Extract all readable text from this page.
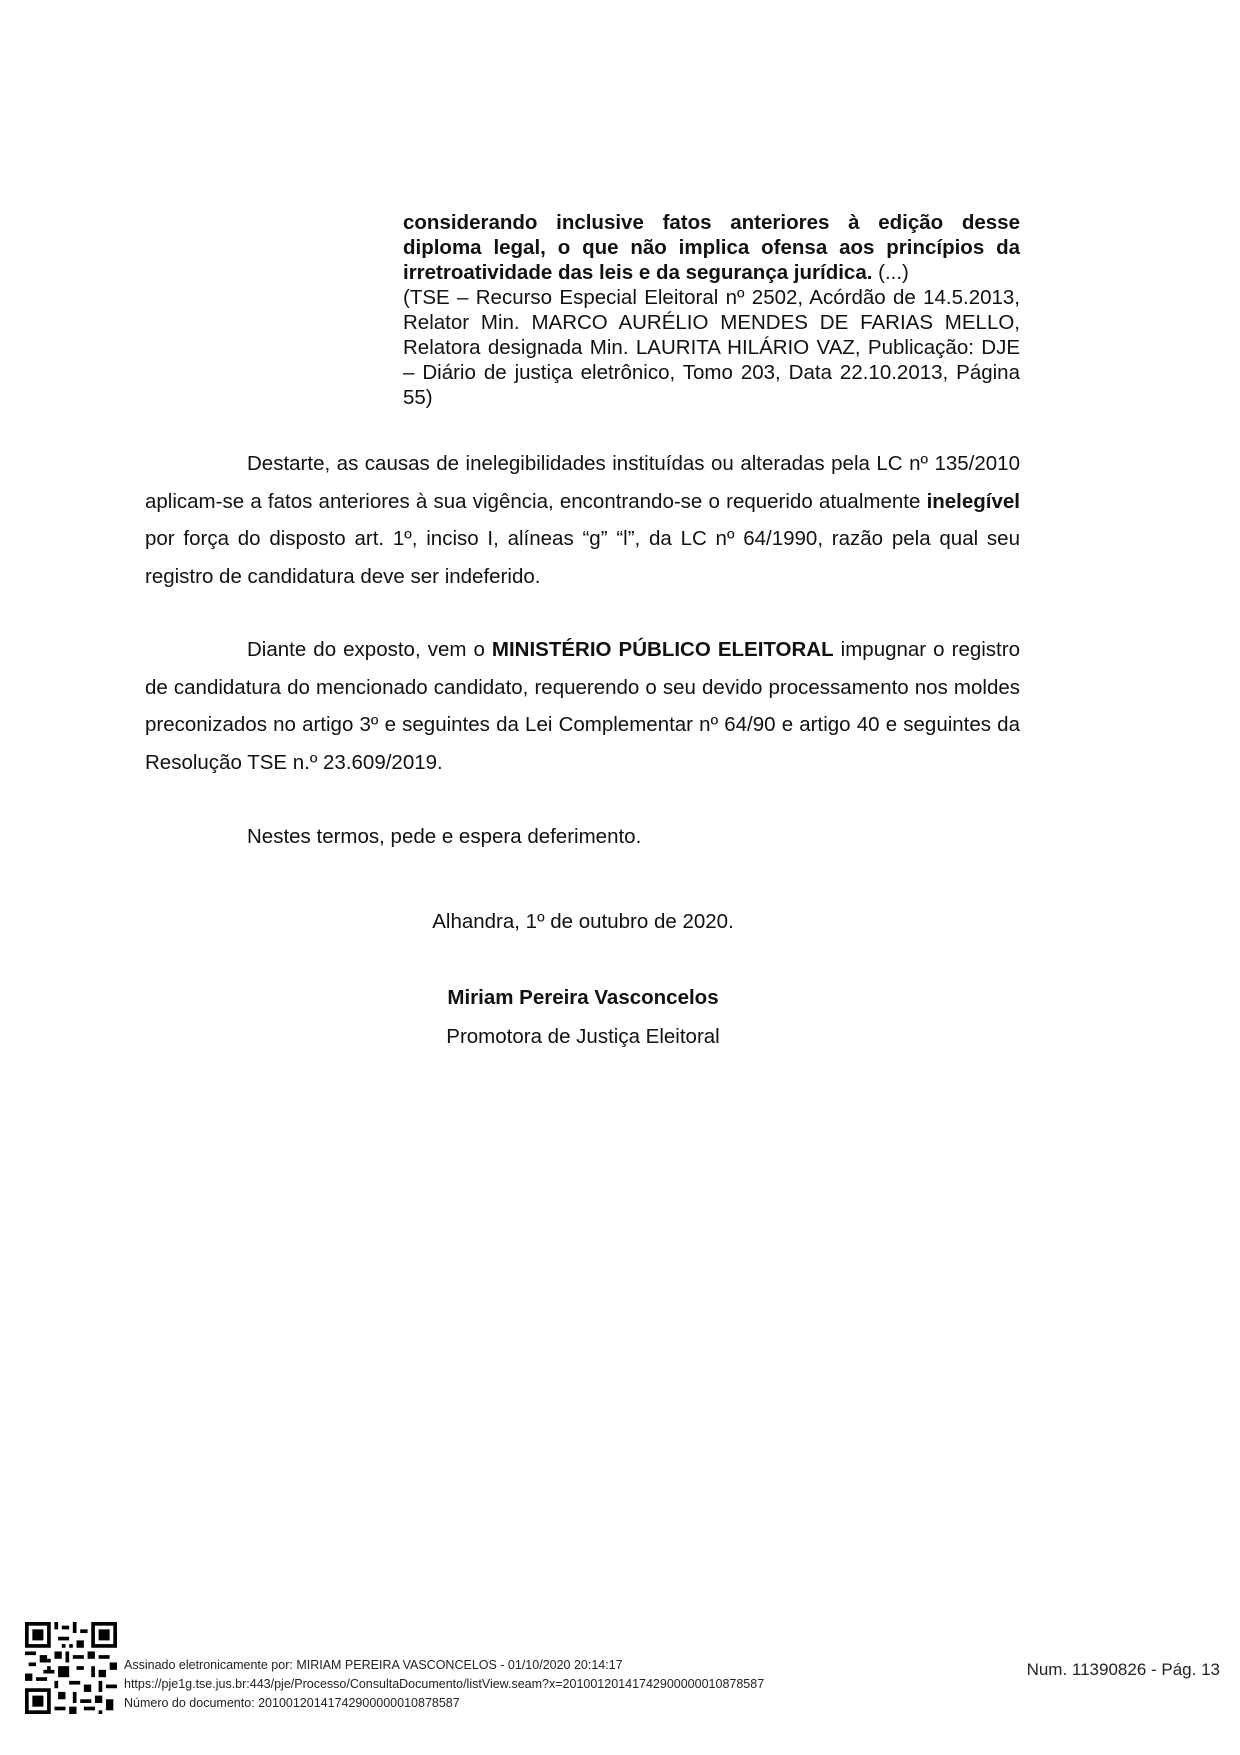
considerando inclusive fatos anteriores à edição desse diploma legal, o que não implica ofensa aos princípios da irretroatividade das leis e da segurança jurídica. (...)

(TSE – Recurso Especial Eleitoral nº 2502, Acórdão de 14.5.2013, Relator Min. MARCO AURÉLIO MENDES DE FARIAS MELLO, Relatora designada Min. LAURITA HILÁRIO VAZ, Publicação: DJE – Diário de justiça eletrônico, Tomo 203, Data 22.10.2013, Página 55)

Destarte, as causas de inelegibilidades instituídas ou alteradas pela LC nº 135/2010 aplicam-se a fatos anteriores à sua vigência, encontrando-se o requerido atualmente inelegível por força do disposto art. 1º, inciso I, alíneas “g” “l”, da LC nº 64/1990, razão pela qual seu registro de candidatura deve ser indeferido.

Diante do exposto, vem o MINISTÉRIO PÚBLICO ELEITORAL impugnar o registro de candidatura do mencionado candidato, requerendo o seu devido processamento nos moldes preconizados no artigo 3º e seguintes da Lei Complementar nº 64/90 e artigo 40 e seguintes da Resolução TSE n.º 23.609/2019.

Nestes termos, pede e espera deferimento.

Alhandra, 1º de outubro de 2020.

Miriam Pereira Vasconcelos

Promotora de Justiça Eleitoral

Assinado eletronicamente por: MIRIAM PEREIRA VASCONCELOS - 01/10/2020 20:14:17
https://pje1g.tse.jus.br:443/pje/Processo/ConsultaDocumento/listView.seam?x=20100120141742900000010878587
Número do documento: 20100120141742900000010878587
Num. 11390826 - Pág. 13
